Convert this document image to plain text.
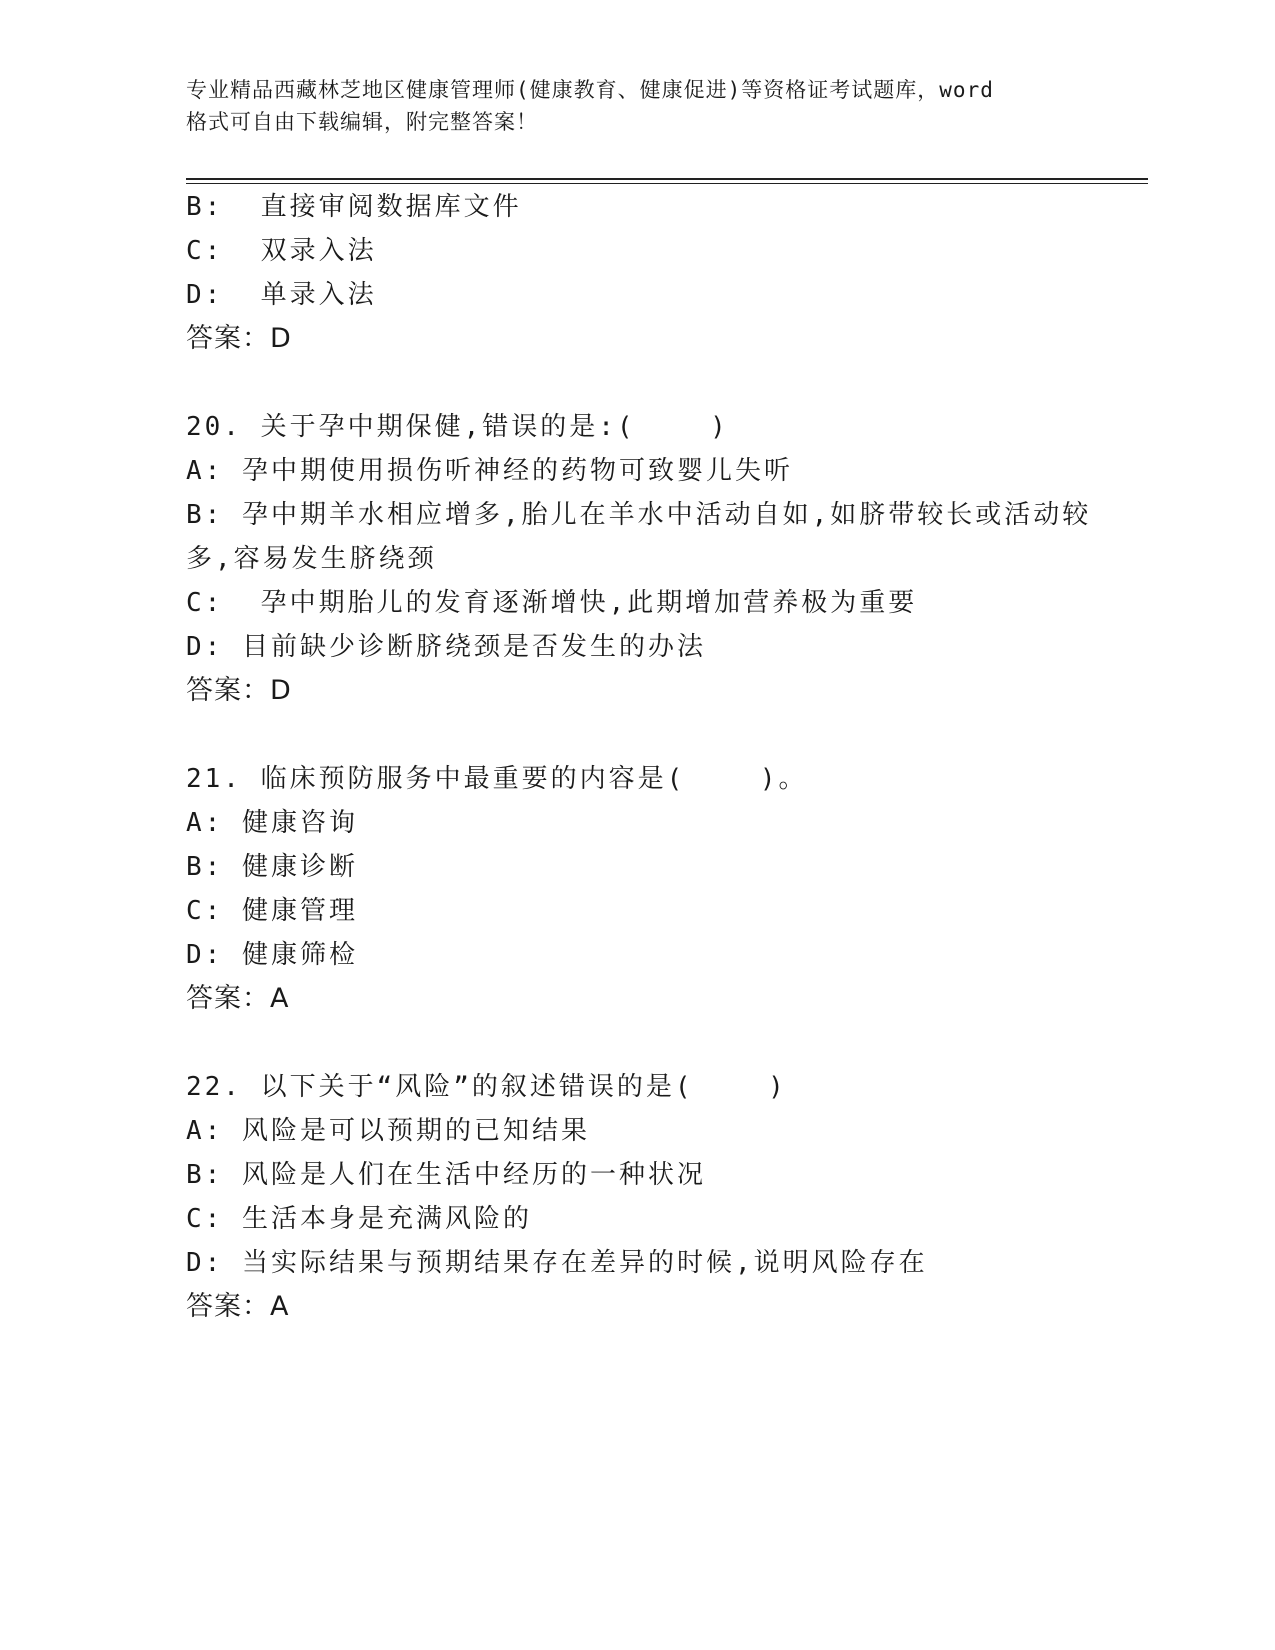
专业精品西藏林芝地区健康管理师(健康教育、健康促进)等资格证考试题库，word
格式可自由下载编辑，附完整答案！
B:  直接审阅数据库文件
C:  双录入法
D:  单录入法
答案：D
20. 关于孕中期保健,错误的是:(    )
A: 孕中期使用损伤听神经的药物可致婴儿失听
B: 孕中期羊水相应增多,胎儿在羊水中活动自如,如脐带较长或活动较
多,容易发生脐绕颈
C:  孕中期胎儿的发育逐渐增快,此期增加营养极为重要
D: 目前缺少诊断脐绕颈是否发生的办法
答案：D
21. 临床预防服务中最重要的内容是(    )。
A: 健康咨询
B: 健康诊断
C: 健康管理
D: 健康筛检
答案：A
22. 以下关于“风险”的叙述错误的是(    )
A: 风险是可以预期的已知结果
B: 风险是人们在生活中经历的一种状况
C: 生活本身是充满风险的
D: 当实际结果与预期结果存在差异的时候,说明风险存在
答案：A
